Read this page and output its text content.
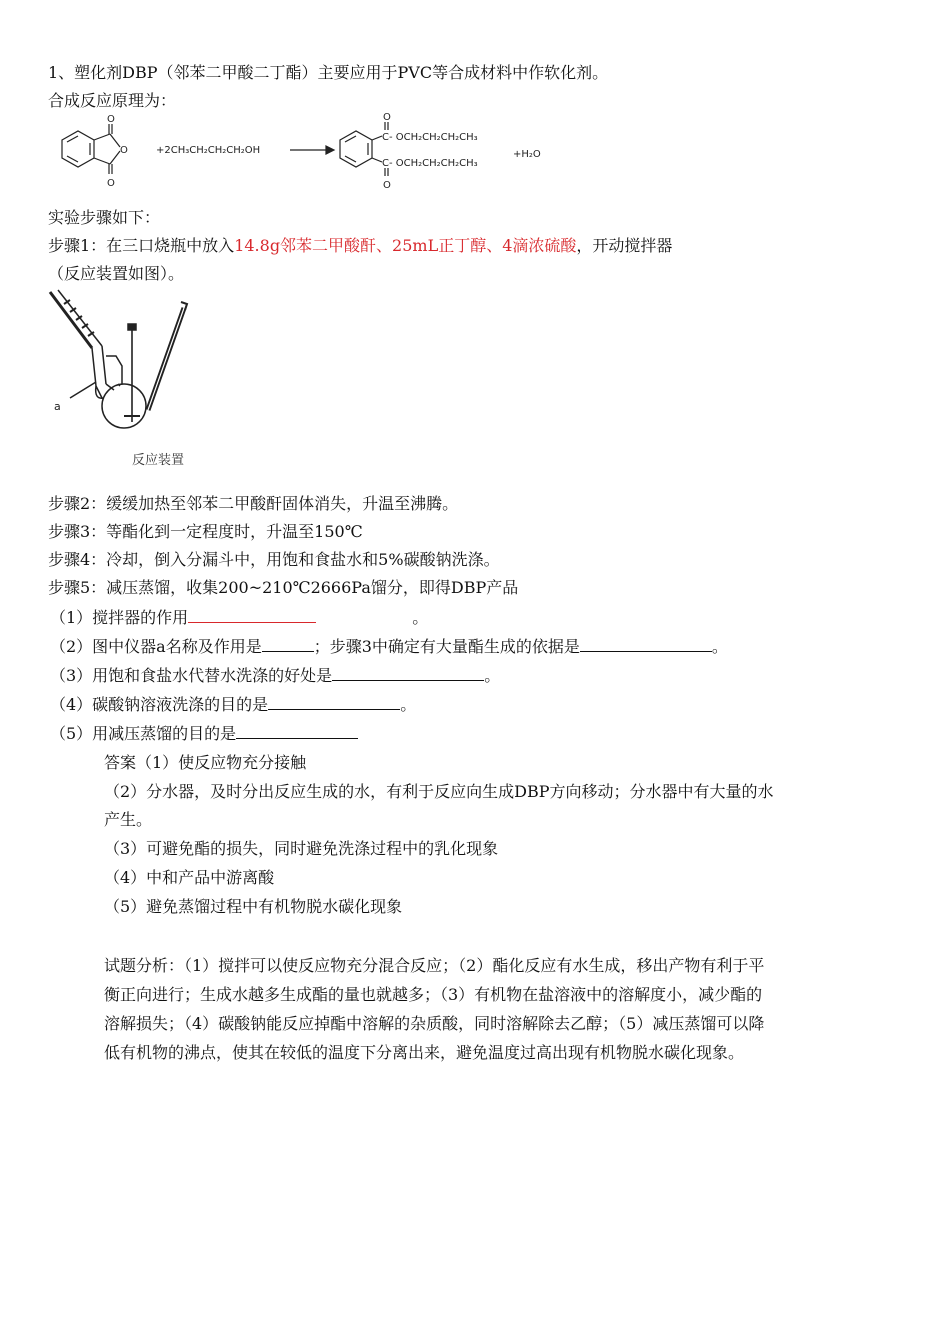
1、塑化剂DBP（邻苯二甲酸二丁酯）主要应用于PVC等合成材料中作软化剂。
合成反应原理为：
O
O
O
+2CH₃CH₂CH₂CH₂OH
O
C- OCH₂CH₂CH₂CH₃
C- OCH₂CH₂CH₂CH₃
O
+H₂O
实验步骤如下：
步骤1：在三口烧瓶中放入14.8g邻苯二甲酸酐、25mL正丁醇、4滴浓硫酸，开动搅拌器
（反应装置如图）。
a
反应装置
步骤2：缓缓加热至邻苯二甲酸酐固体消失，升温至沸腾。
步骤3：等酯化到一定程度时，升温至150℃
步骤4：冷却，倒入分漏斗中，用饱和食盐水和5%碳酸钠洗涤。
步骤5：减压蒸馏，收集200~210℃2666Pa馏分，即得DBP产品
（1）搅拌器的作用	。
（2）图中仪器a名称及作用是	；步骤3中确定有大量酯生成的依据是	。
（3）用饱和食盐水代替水洗涤的好处是	。
（4）碳酸钠溶液洗涤的目的是	。
（5）用减压蒸馏的目的是
答案（1）使反应物充分接触
（2）分水器，及时分出反应生成的水，有利于反应向生成DBP方向移动；分水器中有大量的水
产生。
（3）可避免酯的损失，同时避免洗涤过程中的乳化现象
（4）中和产品中游离酸
（5）避免蒸馏过程中有机物脱水碳化现象
试题分析：（1）搅拌可以使反应物充分混合反应；（2）酯化反应有水生成，移出产物有利于平
衡正向进行；生成水越多生成酯的量也就越多；（3）有机物在盐溶液中的溶解度小，减少酯的
溶解损失；（4）碳酸钠能反应掉酯中溶解的杂质酸，同时溶解除去乙醇；（5）减压蒸馏可以降
低有机物的沸点，使其在较低的温度下分离出来，避免温度过高出现有机物脱水碳化现象。
